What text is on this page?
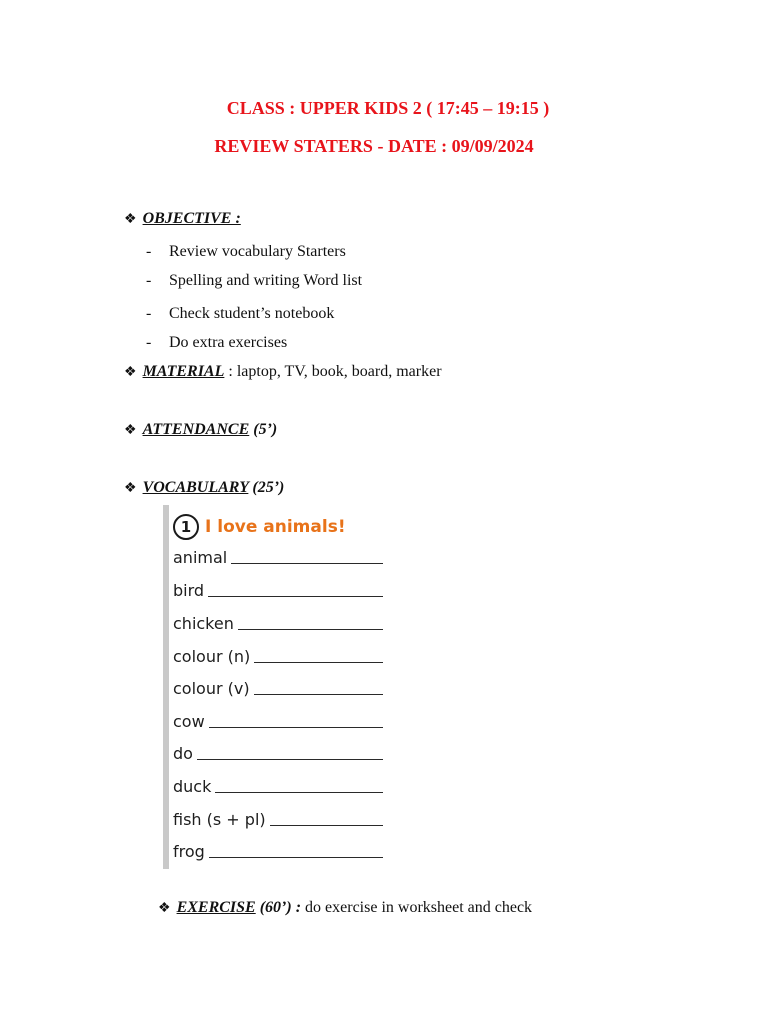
CLASS : UPPER KIDS 2 ( 17:45 – 19:15 )
REVIEW STATERS - DATE : 09/09/2024
❖ OBJECTIVE :
- Review vocabulary Starters
- Spelling and writing Word list
- Check student’s notebook
- Do extra exercises
❖ MATERIAL : laptop, TV, book, board, marker
❖ ATTENDANCE (5’)
❖ VOCABULARY (25’)
1 I love animals!
animal
bird
chicken
colour (n)
colour (v)
cow
do
duck
fish (s + pl)
frog
❖ EXERCISE (60’) : do exercise in worksheet and check
